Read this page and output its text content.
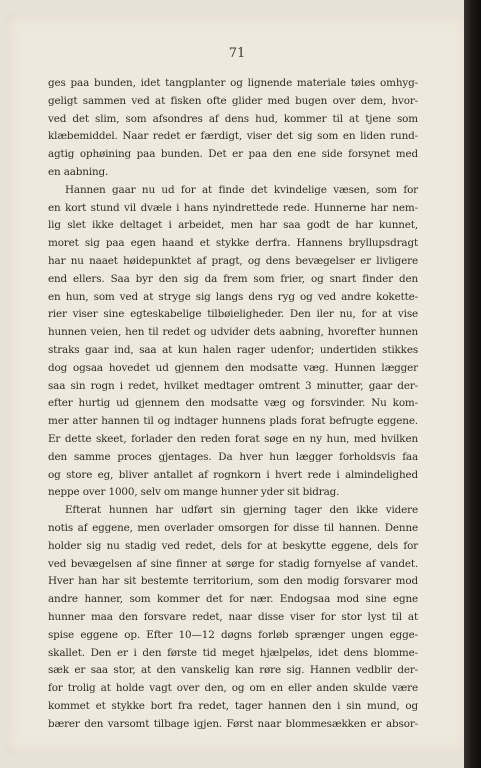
71
ges paa bunden, idet tangplanter og lignende materiale tøies omhyg-
geligt sammen ved at fisken ofte glider med bugen over dem, hvor-
ved det slim, som afsondres af dens hud, kommer til at tjene som
klæbemiddel. Naar redet er færdigt, viser det sig som en liden rund-
agtig ophøining paa bunden. Det er paa den ene side forsynet med
en aabning.
Hannen gaar nu ud for at finde det kvindelige væsen, som for
en kort stund vil dvæle i hans nyindrettede rede. Hunnerne har nem-
lig slet ikke deltaget i arbeidet, men har saa godt de har kunnet,
moret sig paa egen haand et stykke derfra. Hannens bryllupsdragt
har nu naaet høidepunktet af pragt, og dens bevægelser er livligere
end ellers. Saa byr den sig da frem som frier, og snart finder den
en hun, som ved at stryge sig langs dens ryg og ved andre kokette-
rier viser sine egteskabelige tilbøieligheder. Den iler nu, for at vise
hunnen veien, hen til redet og udvider dets aabning, hvorefter hunnen
straks gaar ind, saa at kun halen rager udenfor; undertiden stikkes
dog ogsaa hovedet ud gjennem den modsatte væg. Hunnen lægger
saa sin rogn i redet, hvilket medtager omtrent 3 minutter, gaar der-
efter hurtig ud gjennem den modsatte væg og forsvinder. Nu kom-
mer atter hannen til og indtager hunnens plads forat befrugte eggene.
Er dette skeet, forlader den reden forat søge en ny hun, med hvilken
den samme proces gjentages. Da hver hun lægger forholdsvis faa
og store eg, bliver antallet af rognkorn i hvert rede i almindelighed
neppe over 1000, selv om mange hunner yder sit bidrag.
Efterat hunnen har udført sin gjerning tager den ikke videre
notis af eggene, men overlader omsorgen for disse til hannen. Denne
holder sig nu stadig ved redet, dels for at beskytte eggene, dels for
ved bevægelsen af sine finner at sørge for stadig fornyelse af vandet.
Hver han har sit bestemte territorium, som den modig forsvarer mod
andre hanner, som kommer det for nær. Endogsaa mod sine egne
hunner maa den forsvare redet, naar disse viser for stor lyst til at
spise eggene op. Efter 10—12 døgns forløb sprænger ungen egge-
skallet. Den er i den første tid meget hjælpeløs, idet dens blomme-
sæk er saa stor, at den vanskelig kan røre sig. Hannen vedblir der-
for trolig at holde vagt over den, og om en eller anden skulde være
kommet et stykke bort fra redet, tager hannen den i sin mund, og
bærer den varsomt tilbage igjen. Først naar blommesækken er absor-
